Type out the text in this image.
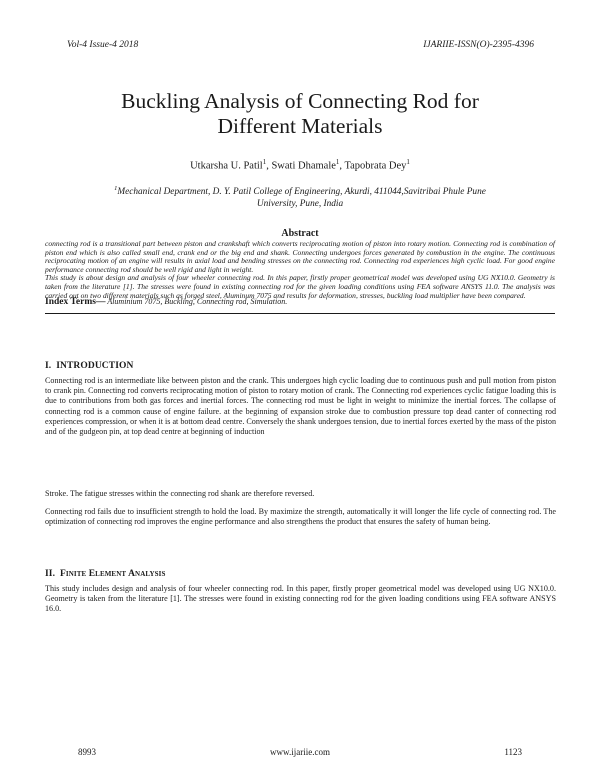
Vol-4 Issue-4 2018	IJARIIE-ISSN(O)-2395-4396
Buckling Analysis of Connecting Rod for
Different Materials
Utkarsha U. Patil$^1$, Swati Dhamale$^1$, Tapobrata Dey$^1$
$^1$Mechanical Department, D. Y. Patil College of Engineering, Akurdi, 411044,Savitribai Phule Pune
University, Pune, India
Abstract

connecting rod is a transitional part between piston and crankshaft which converts reciprocating motion of piston into rotary motion. Connecting rod is combination of piston end which is also called small end, crank end or the big end and shank. Connecting undergoes forces generated by combustion in the engine. The continuous reciprocating motion of an engine will results in axial load and bending stresses on the connecting rod. Connecting rod experiences high cyclic load. For good engine performance connecting rod should be well rigid and light in weight.

This study is about design and analysis of four wheeler connecting rod. In this paper, firstly proper geometrical model was developed using UG NX10.0. Geometry is taken from the literature [1]. The stresses were found in existing connecting rod for the given loading conditions using FEA software ANSYS 11.0. The analysis was carried out on two different materials such as forged steel, Aluminum 7075 and results for deformation, stresses, buckling load multiplier have been compared.

Index Terms— Aluminium 7075, Buckling, Connecting rod, Simulation.
I. INTRODUCTION

Connecting rod is an intermediate like between piston and the crank. This undergoes high cyclic loading due to continuous push and pull motion from piston to crank pin. Connecting rod converts reciprocating motion of piston to rotary motion of crank. The Connecting rod experiences cyclic fatigue loading this is due to contributions from both gas forces and inertial forces. The connecting rod must be light in weight to minimize the inertial forces. The collapse of connecting rod is a common cause of engine failure. at the beginning of expansion stroke due to combustion pressure top dead canter of connecting rod experiences compression, or when it is at bottom dead centre. Conversely the shank undergoes tension, due to inertial forces exerted by the mass of the piston and of the gudgeon pin, at top dead centre at beginning of induction

Stroke. The fatigue stresses within the connecting rod shank are therefore reversed.

Connecting rod fails due to insufficient strength to hold the load. By maximize the strength, automatically it will longer the life cycle of connecting rod. The optimization of connecting rod improves the engine performance and also strengthens the product that ensures the safety of human being.

II. Finite Element Analysis

This study includes design and analysis of four wheeler connecting rod. In this paper, firstly proper geometrical model was developed using UG NX10.0. Geometry is taken from the literature [1]. The stresses were found in existing connecting rod for the given loading conditions using FEA software ANSYS 16.0.

8993	www.ijariie.com	1123
